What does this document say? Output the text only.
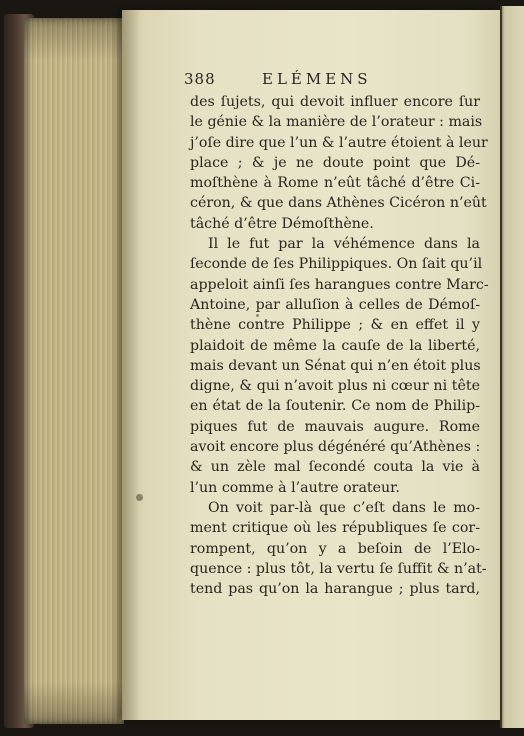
388	ELÉMENS
des ſujets, qui devoit influer encore ſur
le génie & la manière de l’orateur : mais
j’oſe dire que l’un & l’autre étoient à leur
place ; & je ne doute point que Dé-
moſthène à Rome n’eût tâché d’être Ci-
céron, & que dans Athènes Cicéron n’eût
tâché d’être Démoſthène.
Il le fut par la véhémence dans la
ſeconde de ſes Philippiques. On ſait qu’il
appeloit ainſi ſes harangues contre Marc-
Antoine, par alluſion à celles de Démoſ-
thène contre Philippe ; & en effet il y
plaidoit de même la cauſe de la liberté,
mais devant un Sénat qui n’en étoit plus
digne, & qui n’avoit plus ni cœur ni tête
en état de la ſoutenir. Ce nom de Philip-
piques fut de mauvais augure. Rome
avoit encore plus dégénéré qu’Athènes :
& un zèle mal ſecondé couta la vie à
l’un comme à l’autre orateur.
On voit par-là que c’eſt dans le mo-
ment critique où les républiques ſe cor-
rompent, qu’on y a beſoin de l’Elo-
quence : plus tôt, la vertu ſe ſuffit & n’at-
tend pas qu’on la harangue ; plus tard,
